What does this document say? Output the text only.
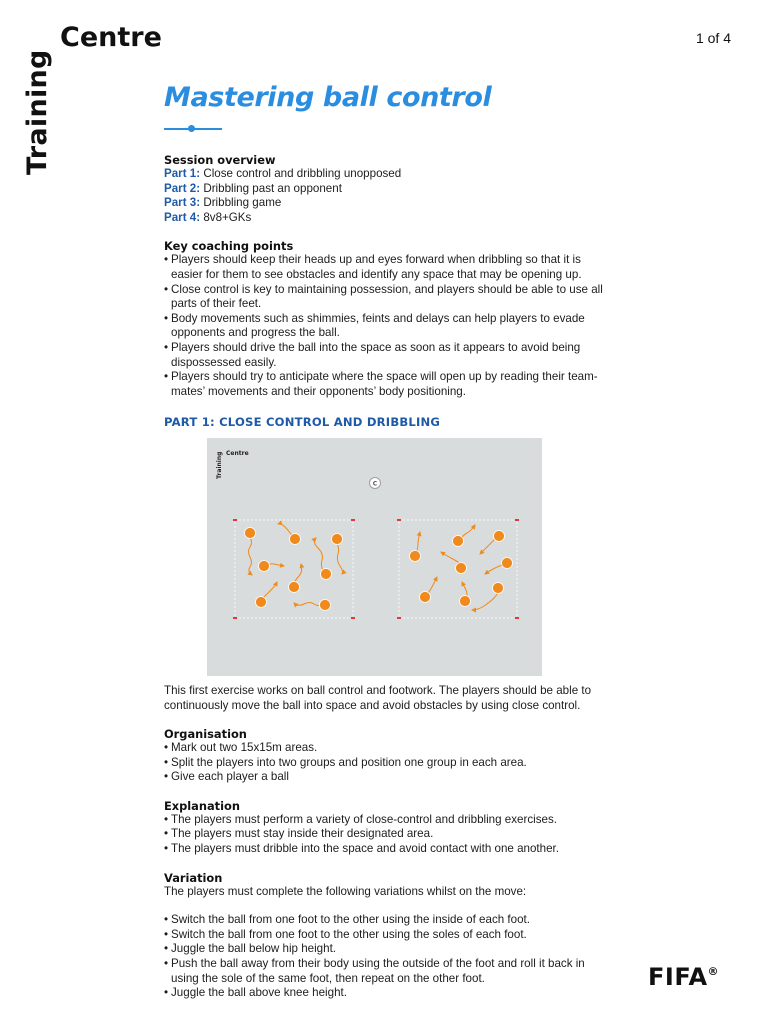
Training
Centre	1 of 4
Mastering ball control
Session overview
Part 1: Close control and dribbling unopposed
Part 2: Dribbling past an opponent
Part 3: Dribbling game
Part 4: 8v8+GKs
Key coaching points
• Players should keep their heads up and eyes forward when dribbling so that it is easier for them to see obstacles and identify any space that may be opening up.
• Close control is key to maintaining possession, and players should be able to use all parts of their feet.
• Body movements such as shimmies, feints and delays can help players to evade opponents and progress the ball.
• Players should drive the ball into the space as soon as it appears to avoid being dispossessed easily.
• Players should try to anticipate where the space will open up by reading their team-mates’ movements and their opponents’ body positioning.
PART 1: CLOSE CONTROL AND DRIBBLING
Training Centre
C

This first exercise works on ball control and footwork. The players should be able to continuously move the ball into space and avoid obstacles by using close control.

Organisation
• Mark out two 15x15m areas.
• Split the players into two groups and position one group in each area.
• Give each player a ball
Explanation
• The players must perform a variety of close-control and dribbling exercises.
• The players must stay inside their designated area.
• The players must dribble into the space and avoid contact with one another.
Variation

The players must complete the following variations whilst on the move:

• Switch the ball from one foot to the other using the inside of each foot.
• Switch the ball from one foot to the other using the soles of each foot.
• Juggle the ball below hip height.
• Push the ball away from their body using the outside of the foot and roll it back in using the sole of the same foot, then repeat on the other foot.
• Juggle the ball above knee height.
FIFA®
